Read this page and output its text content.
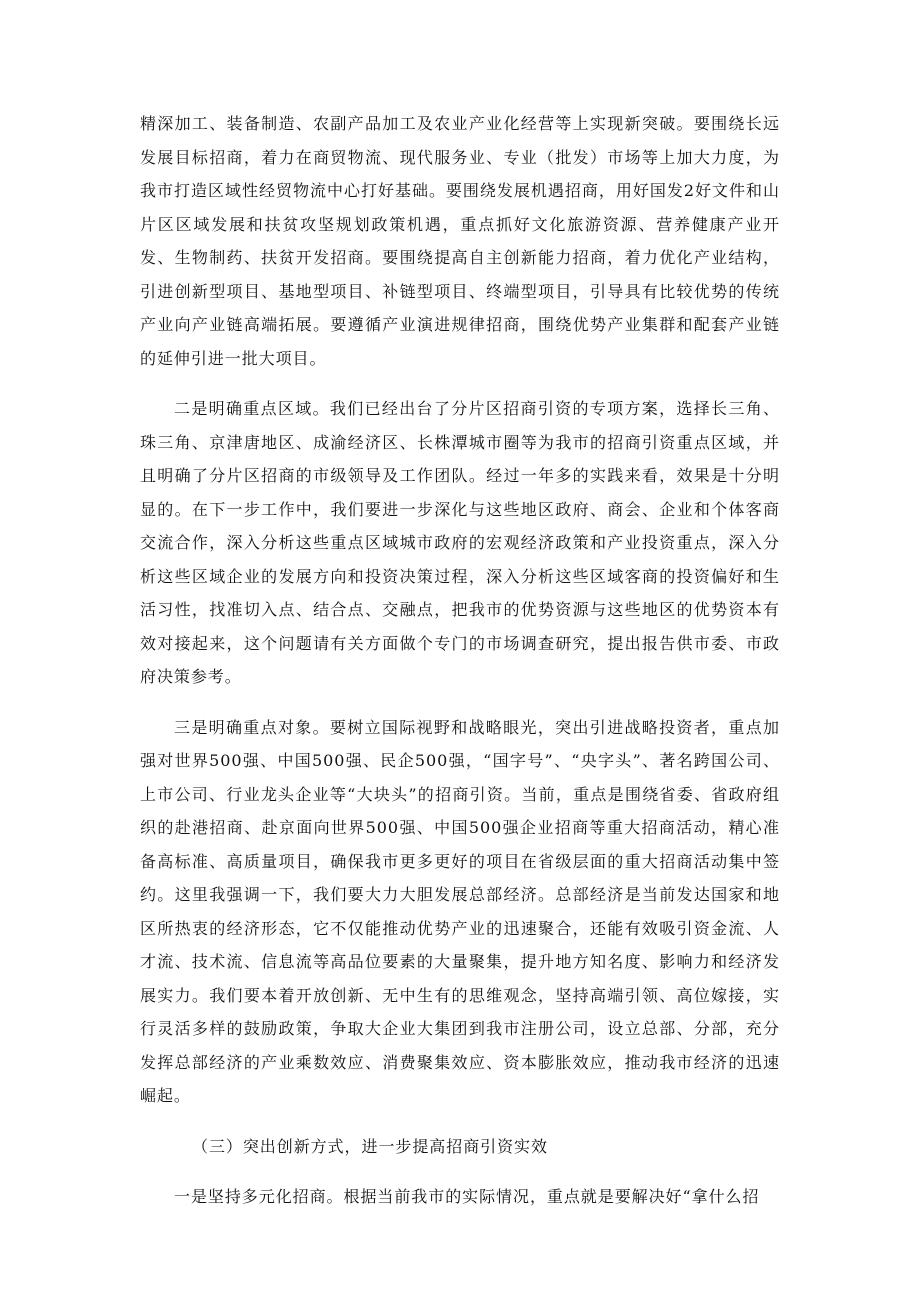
精深加工、装备制造、农副产品加工及农业产业化经营等上实现新突破。要围绕长远发展目标招商，着力在商贸物流、现代服务业、专业（批发）市场等上加大力度，为我市打造区域性经贸物流中心打好基础。要围绕发展机遇招商，用好国发2好文件和山片区区域发展和扶贫攻坚规划政策机遇，重点抓好文化旅游资源、营养健康产业开发、生物制药、扶贫开发招商。要围绕提高自主创新能力招商，着力优化产业结构，引进创新型项目、基地型项目、补链型项目、终端型项目，引导具有比较优势的传统产业向产业链高端拓展。要遵循产业演进规律招商，围绕优势产业集群和配套产业链的延伸引进一批大项目。

二是明确重点区域。我们已经出台了分片区招商引资的专项方案，选择长三角、珠三角、京津唐地区、成渝经济区、长株潭城市圈等为我市的招商引资重点区域，并且明确了分片区招商的市级领导及工作团队。经过一年多的实践来看，效果是十分明显的。在下一步工作中，我们要进一步深化与这些地区政府、商会、企业和个体客商交流合作，深入分析这些重点区域城市政府的宏观经济政策和产业投资重点，深入分析这些区域企业的发展方向和投资决策过程，深入分析这些区域客商的投资偏好和生活习性，找准切入点、结合点、交融点，把我市的优势资源与这些地区的优势资本有效对接起来，这个问题请有关方面做个专门的市场调查研究，提出报告供市委、市政府决策参考。

三是明确重点对象。要树立国际视野和战略眼光，突出引进战略投资者，重点加强对世界500强、中国500强、民企500强，“国字号”、“央字头”、著名跨国公司、上市公司、行业龙头企业等“大块头”的招商引资。当前，重点是围绕省委、省政府组织的赴港招商、赴京面向世界500强、中国500强企业招商等重大招商活动，精心准备高标准、高质量项目，确保我市更多更好的项目在省级层面的重大招商活动集中签约。这里我强调一下，我们要大力大胆发展总部经济。总部经济是当前发达国家和地区所热衷的经济形态，它不仅能推动优势产业的迅速聚合，还能有效吸引资金流、人才流、技术流、信息流等高品位要素的大量聚集，提升地方知名度、影响力和经济发展实力。我们要本着开放创新、无中生有的思维观念，坚持高端引领、高位嫁接，实行灵活多样的鼓励政策，争取大企业大集团到我市注册公司，设立总部、分部，充分发挥总部经济的产业乘数效应、消费聚集效应、资本膨胀效应，推动我市经济的迅速崛起。

（三）突出创新方式，进一步提高招商引资实效

一是坚持多元化招商。根据当前我市的实际情况，重点就是要解决好“拿什么招
